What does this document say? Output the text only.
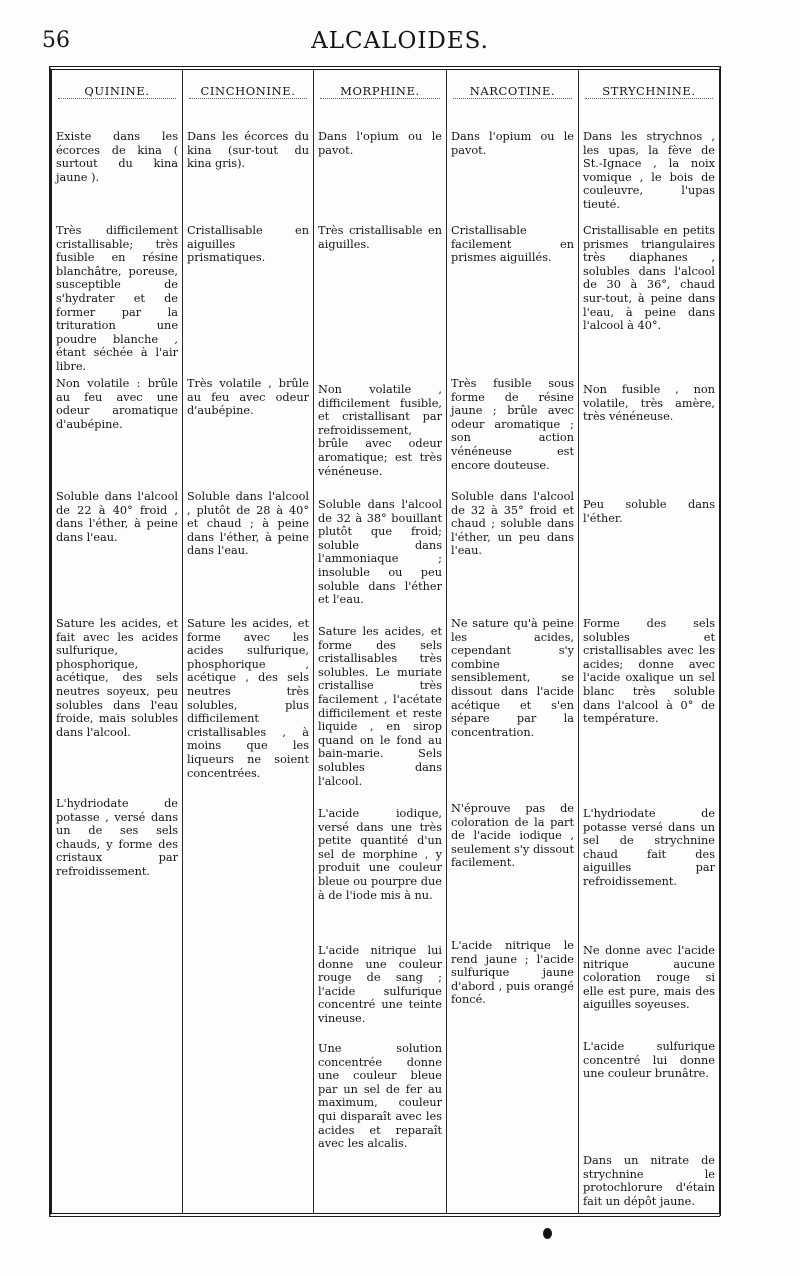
56	ALCALOIDES.
QUININE.
Existe dans les écorces de kina ( surtout du kina jaune ).
Très difficilement cristallisable; très fusible en résine blanchâtre, poreuse, susceptible de s'hydrater et de former par la trituration une poudre blanche , étant séchée à l'air libre.
Non volatile : brûle au feu avec une odeur aromatique d'aubépine.
Soluble dans l'alcool de 22 à 40° froid , dans l'éther, à peine dans l'eau.
Sature les acides, et fait avec les acides sulfurique, phosphorique, acétique, des sels neutres soyeux, peu solubles dans l'eau froide, mais solubles dans l'alcool.
L'hydriodate de potasse , versé dans un de ses sels chauds, y forme des cristaux par refroidissement.
CINCHONINE.
Dans les écorces du kina (sur-tout du kina gris).
Cristallisable en aiguilles prismatiques.
Très volatile , brûle au feu avec odeur d'aubépine.
Soluble dans l'alcool , plutôt de 28 à 40° et chaud ; à peine dans l'éther, à peine dans l'eau.
Sature les acides, et forme avec les acides sulfurique, phosphorique , acétique , des sels neutres très solubles, plus difficilement cristallisables , à moins que les liqueurs ne soient concentrées.
MORPHINE.
Dans l'opium ou le pavot.
Très cristallisable en aiguilles.
Non volatile , difficilement fusible, et cristallisant par refroidissement, brûle avec odeur aromatique; est très vénéneuse.
Soluble dans l'alcool de 32 à 38° bouillant plutôt que froid; soluble dans l'ammoniaque ; insoluble ou peu soluble dans l'éther et l'eau.
Sature les acides, et forme des sels cristallisables très solubles. Le muriate cristallise très facilement , l'acétate difficilement et reste liquide , en sirop quand on le fond au bain-marie. Sels solubles dans l'alcool.
L'acide iodique, versé dans une très petite quantité d'un sel de morphine , y produit une couleur bleue ou pourpre due à de l'iode mis à nu.
L'acide nitrique lui donne une couleur rouge de sang ; l'acide sulfurique concentré une teinte vineuse.
Une solution concentrée donne une couleur bleue par un sel de fer au maximum, couleur qui disparaît avec les acides et reparaît avec les alcalis.
NARCOTINE.
Dans l'opium ou le pavot.
Cristallisable facilement en prismes aiguillés.
Très fusible sous forme de résine jaune ; brûle avec odeur aromatique ; son action vénéneuse est encore douteuse.
Soluble dans l'alcool de 32 à 35° froid et chaud ; soluble dans l'éther, un peu dans l'eau.
Ne sature qu'à peine les acides, cependant s'y combine sensiblement, se dissout dans l'acide acétique et s'en sépare par la concentration.
N'éprouve pas de coloration de la part de l'acide iodique , seulement s'y dissout facilement.
L'acide nitrique le rend jaune ; l'acide sulfurique jaune d'abord , puis orangé foncé.
STRYCHNINE.
Dans les strychnos , les upas, la fève de St.-Ignace , la noix vomique , le bois de couleuvre, l'upas tieuté.
Cristallisable en petits prismes triangulaires très diaphanes , solubles dans l'alcool de 30 à 36°, chaud sur-tout, à peine dans l'eau, à peine dans l'alcool à 40°.
Non fusible , non volatile, très amère, très vénéneuse.
Peu soluble dans l'éther.
Forme des sels solubles et cristallisables avec les acides; donne avec l'acide oxalique un sel blanc très soluble dans l'alcool à 0° de température.
L'hydriodate de potasse versé dans un sel de strychnine chaud fait des aiguilles par refroidissement.
Ne donne avec l'acide nitrique aucune coloration rouge si elle est pure, mais des aiguilles soyeuses.
L'acide sulfurique concentré lui donne une couleur brunâtre.
Dans un nitrate de strychnine le protochlorure d'étain fait un dépôt jaune.
